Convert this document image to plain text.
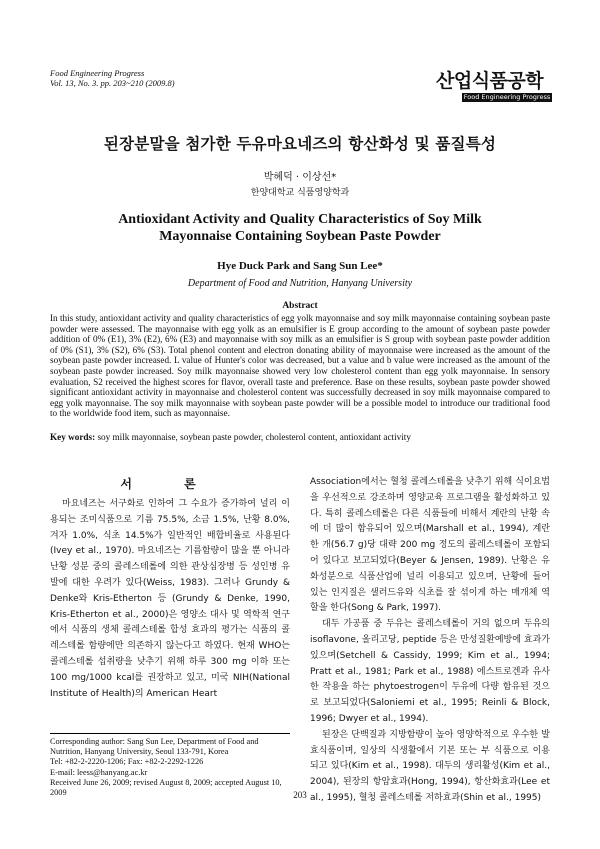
Food Engineering Progress
Vol. 13, No. 3. pp. 203~210 (2009.8)	산업식품공학
Food Engineering Progress
된장분말을 첨가한 두유마요네즈의 항산화성 및 품질특성
박혜덕 · 이상선*
한양대학교 식품영양학과
Antioxidant Activity and Quality Characteristics of Soy Milk
Mayonnaise Containing Soybean Paste Powder
Hye Duck Park and Sang Sun Lee*
Department of Food and Nutrition, Hanyang University
Abstract
In this study, antioxidant activity and quality characteristics of egg yolk mayonnaise and soy milk mayonnaise containing soybean paste powder were assessed. The mayonnaise with egg yolk as an emulsifier is E group according to the amount of soybean paste powder addition of 0% (E1), 3% (E2), 6% (E3) and mayonnaise with soy milk as an emulsifier is S group with soybean paste powder addition of 0% (S1), 3% (S2), 6% (S3). Total phenol content and electron donating ability of mayonnaise were increased as the amount of the soybean paste powder increased. L value of Hunter's color was decreased, but a value and b value were increased as the amount of the soybean paste powder increased. Soy milk mayonnaise showed very low cholesterol content than egg yolk mayonnaise. In sensory evaluation, S2 received the highest scores for flavor, overall taste and preference. Base on these results, soybean paste powder showed significant antioxidant activity in mayonnaise and cholesterol content was successfully decreased in soy milk mayonnaise compared to egg yolk mayonnaise. The soy milk mayonnaise with soybean paste powder will be a possible model to introduce our traditional food to the worldwide food item, such as mayonnaise.
Key words: soy milk mayonnaise, soybean paste powder, cholesterol content, antioxidant activity
서 론

마요네즈는 서구화로 인하여 그 수요가 증가하여 널리 이용되는 조미식품으로 기름 75.5%, 소금 1.5%, 난황 8.0%, 겨자 1.0%, 식초 14.5%가 일반적인 배합비율로 사용된다(Ivey et al., 1970). 마요네즈는 기름함량이 많을 뿐 아니라 난황 성분 중의 콜레스테롤에 의한 관상심장병 등 성인병 유발에 대한 우려가 있다(Weiss, 1983). 그러나 Grundy & Denke와 Kris-Etherton 등 (Grundy & Denke, 1990, Kris-Etherton et al., 2000)은 영양소 대사 및 역학적 연구에서 식품의 생체 콜레스테롤 합성 효과의 평가는 식품의 콜레스테롤 함량에만 의존하지 않는다고 하였다. 현재 WHO는 콜레스테롤 섭취량을 낮추기 위해 하루 300 mg 이하 또는 100 mg/1000 kcal를 권장하고 있고, 미국 NIH(National Institute of Health)의 American Heart

Association에서는 혈청 콜레스테롤을 낮추기 위해 식이요법을 우선적으로 강조하며 영양교육 프로그램을 활성화하고 있다. 특히 콜레스테롤은 다른 식품들에 비해서 계란의 난황 속에 더 많이 함유되어 있으며(Marshall et al., 1994), 계란 한 개(56.7 g)당 대략 200 mg 정도의 콜레스테롤이 포함되어 있다고 보고되었다(Beyer & Jensen, 1989). 난황은 유화성분으로 식품산업에 널리 이용되고 있으며, 난황에 들어 있는 인지질은 샐러드유와 식초를 잘 섞이게 하는 매개체 역할을 한다(Song & Park, 1997).

대두 가공품 중 두유는 콜레스테롤이 거의 없으며 두유의 isoflavone, 올리고당, peptide 등은 만성질환예방에 효과가 있으며(Setchell & Cassidy, 1999; Kim et al., 1994; Pratt et al., 1981; Park et al., 1988) 에스트로겐과 유사한 작용을 하는 phytoestrogen이 두유에 다량 함유된 것으로 보고되었다(Saloniemi et al., 1995; Reinli & Block, 1996; Dwyer et al., 1994).

된장은 단백질과 지방함량이 높아 영양학적으로 우수한 발효식품이며, 일상의 식생활에서 기본 또는 부 식품으로 이용되고 있다(Kim et al., 1998). 대두의 생리활성(Kim et al., 2004), 된장의 항암효과(Hong, 1994), 항산화효과(Lee et al., 1995), 혈청 콜레스테롤 저하효과(Shin et al., 1995)

Corresponding author: Sang Sun Lee, Department of Food and Nutrition, Hanyang University, Seoul 133-791, Korea
Tel: +82-2-2220-1206; Fax: +82-2-2292-1226
E-mail: leess@hanyang.ac.kr
Received June 26, 2009; revised August 8, 2009; accepted August 10, 2009	203
